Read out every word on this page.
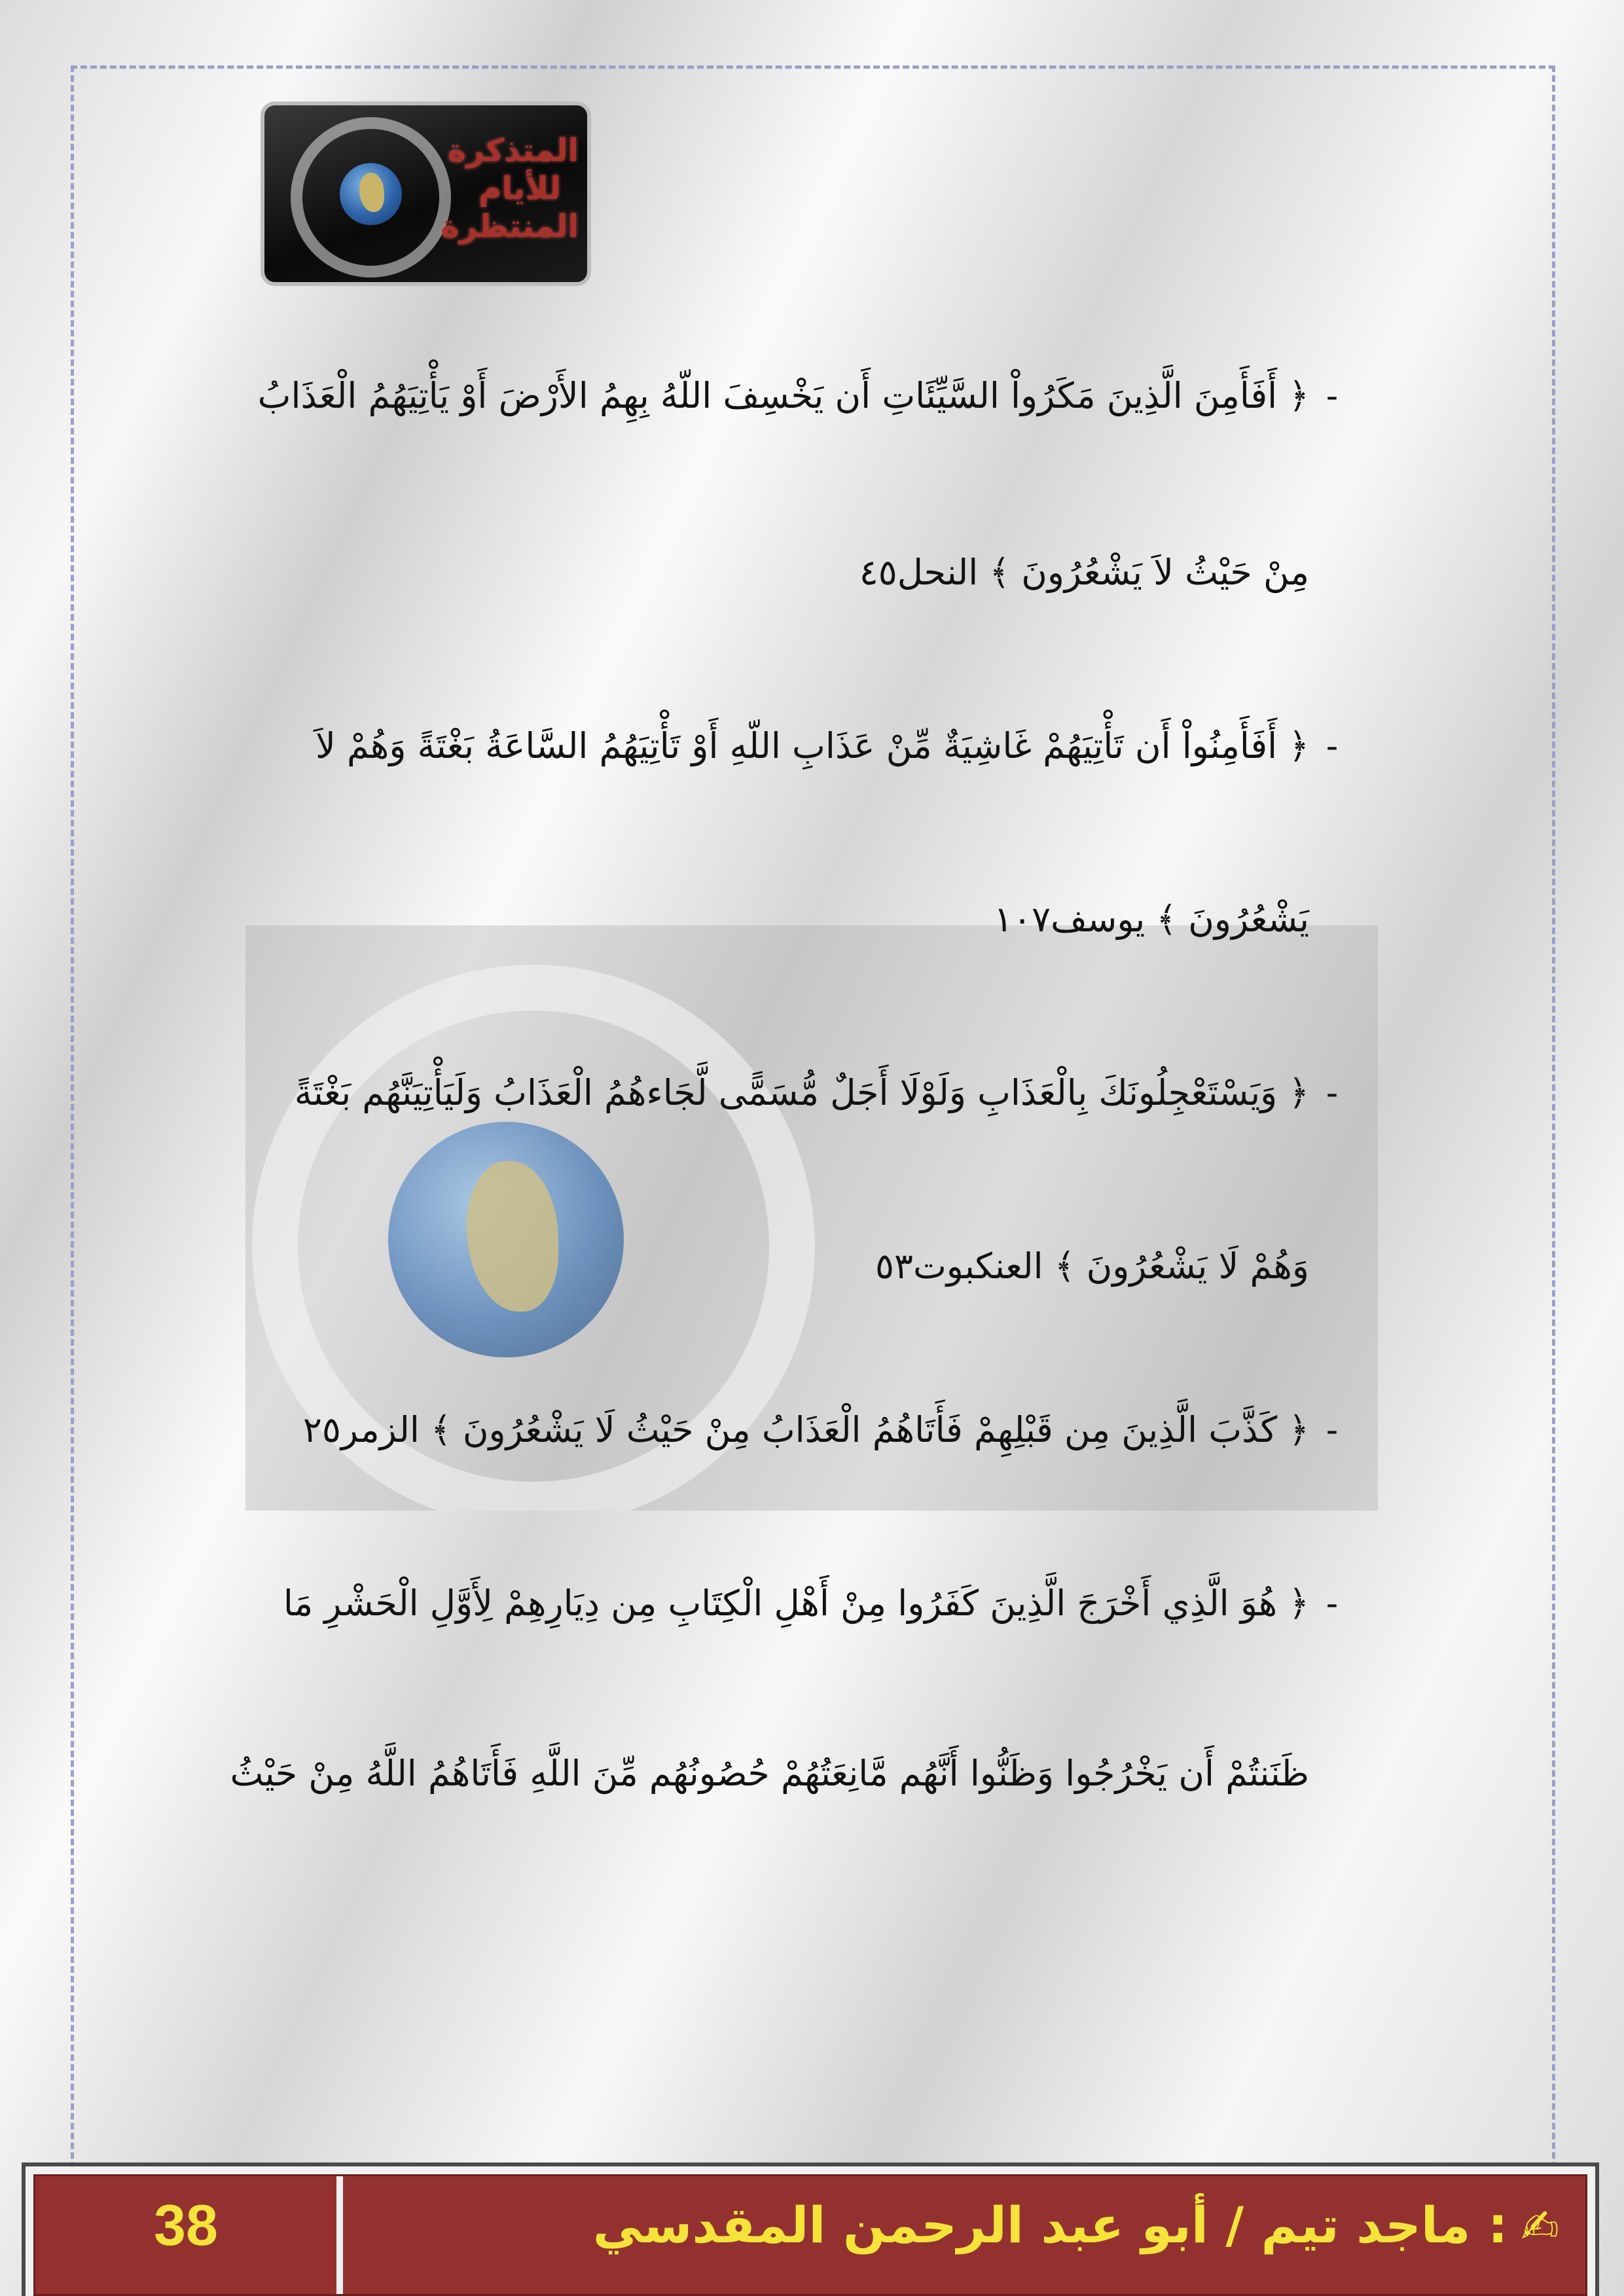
المتذكرة للأيام المنتظرة
-﴿ أَفَأَمِنَ الَّذِينَ مَكَرُواْ السَّيِّئَاتِ أَن يَخْسِفَ اللّهُ بِهِمُ الأَرْضَ أَوْ يَأْتِيَهُمُ الْعَذَابُ
مِنْ حَيْثُ لاَ يَشْعُرُونَ ﴾ النحل٤٥
-﴿ أَفَأَمِنُواْ أَن تَأْتِيَهُمْ غَاشِيَةٌ مِّنْ عَذَابِ اللّهِ أَوْ تَأْتِيَهُمُ السَّاعَةُ بَغْتَةً وَهُمْ لاَ
يَشْعُرُونَ ﴾ يوسف١٠٧
-﴿ وَيَسْتَعْجِلُونَكَ بِالْعَذَابِ وَلَوْلَا أَجَلٌ مُّسَمًّى لَّجَاءهُمُ الْعَذَابُ وَلَيَأْتِيَنَّهُم بَغْتَةً
وَهُمْ لَا يَشْعُرُونَ ﴾ العنكبوت٥٣
-﴿ كَذَّبَ الَّذِينَ مِن قَبْلِهِمْ فَأَتَاهُمُ الْعَذَابُ مِنْ حَيْثُ لَا يَشْعُرُونَ ﴾ الزمر٢٥
-﴿ هُوَ الَّذِي أَخْرَجَ الَّذِينَ كَفَرُوا مِنْ أَهْلِ الْكِتَابِ مِن دِيَارِهِمْ لِأَوَّلِ الْحَشْرِ مَا
ظَنَنتُمْ أَن يَخْرُجُوا وَظَنُّوا أَنَّهُم مَّانِعَتُهُمْ حُصُونُهُم مِّنَ اللَّهِ فَأَتَاهُمُ اللَّهُ مِنْ حَيْثُ
38	✍: ماجد تيم / أبو عبد الرحمن المقدسي
